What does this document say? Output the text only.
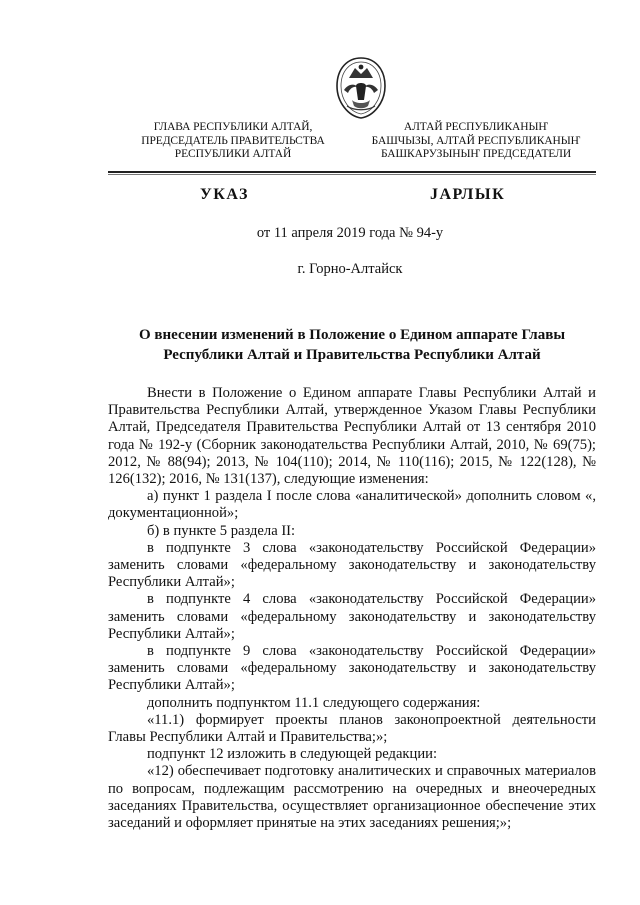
ГЛАВА РЕСПУБЛИКИ АЛТАЙ,
ПРЕДСЕДАТЕЛЬ ПРАВИТЕЛЬСТВА
РЕСПУБЛИКИ АЛТАЙ
АЛТАЙ РЕСПУБЛИКАНЫҤ
БАШЧЫЗЫ, АЛТАЙ РЕСПУБЛИКАНЫҤ
БАШКАРУЗЫНЫҤ ПРЕДСЕДАТЕЛИ
УКАЗ	ЈАРЛЫК
от 11 апреля 2019 года № 94-у
г. Горно-Алтайск
О внесении изменений в Положение о Едином аппарате Главы
Республики Алтай и Правительства Республики Алтай

Внести в Положение о Едином аппарате Главы Республики Алтай и Правительства Республики Алтай, утвержденное Указом Главы Республики Алтай, Председателя Правительства Республики Алтай от 13 сентября 2010 года № 192-у (Сборник законодательства Республики Алтай, 2010, № 69(75); 2012, № 88(94); 2013, № 104(110); 2014, № 110(116); 2015, № 122(128), № 126(132); 2016, № 131(137), следующие изменения:

а) пункт 1 раздела I после слова «аналитической» дополнить словом «, документационной»;

б) в пункте 5 раздела II:

в подпункте 3 слова «законодательству Российской Федерации» заменить словами «федеральному законодательству и законодательству Республики Алтай»;

в подпункте 4 слова «законодательству Российской Федерации» заменить словами «федеральному законодательству и законодательству Республики Алтай»;

в подпункте 9 слова «законодательству Российской Федерации» заменить словами «федеральному законодательству и законодательству Республики Алтай»;

дополнить подпунктом 11.1 следующего содержания:

«11.1) формирует проекты планов законопроектной деятельности Главы Республики Алтай и Правительства;»;

подпункт 12 изложить в следующей редакции:

«12) обеспечивает подготовку аналитических и справочных материалов по вопросам, подлежащим рассмотрению на очередных и внеочередных заседаниях Правительства, осуществляет организационное обеспечение этих заседаний и оформляет принятые на этих заседаниях решения;»;
